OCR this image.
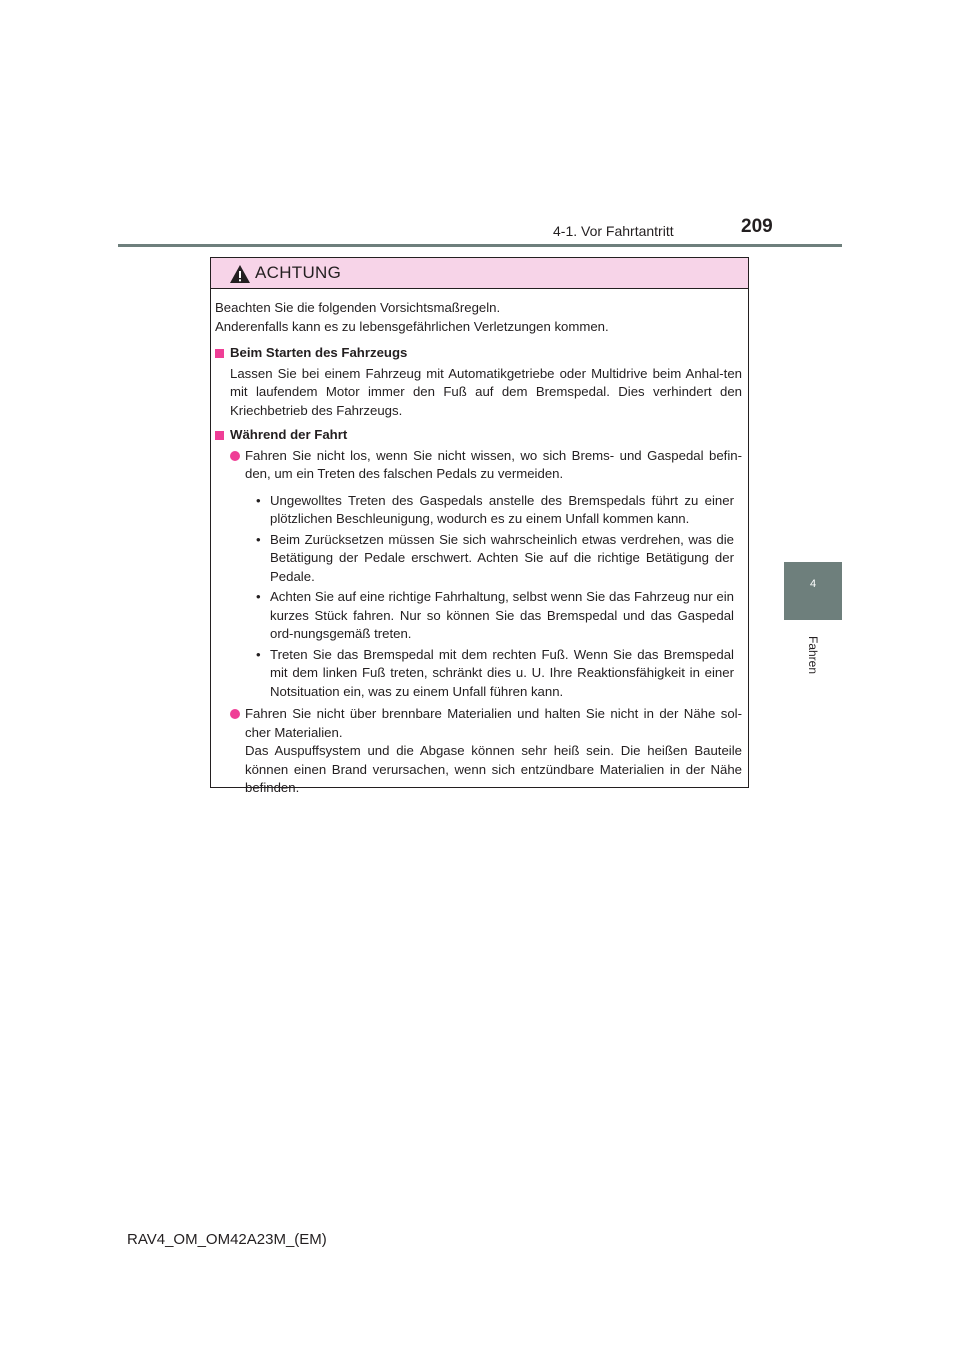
4-1. Vor Fahrtantritt	209
4
Fahren
ACHTUNG

Beachten Sie die folgenden Vorsichtsmaßregeln.

Anderenfalls kann es zu lebensgefährlichen Verletzungen kommen.

Beim Starten des Fahrzeugs

Lassen Sie bei einem Fahrzeug mit Automatikgetriebe oder Multidrive beim Anhal-ten mit laufendem Motor immer den Fuß auf dem Bremspedal. Dies verhindert den Kriechbetrieb des Fahrzeugs.

Während der Fahrt
Fahren Sie nicht los, wenn Sie nicht wissen, wo sich Brems- und Gaspedal befin-den, um ein Treten des falschen Pedals zu vermeiden.
• Ungewolltes Treten des Gaspedals anstelle des Bremspedals führt zu einer plötzlichen Beschleunigung, wodurch es zu einem Unfall kommen kann.
• Beim Zurücksetzen müssen Sie sich wahrscheinlich etwas verdrehen, was die Betätigung der Pedale erschwert. Achten Sie auf die richtige Betätigung der Pedale.
• Achten Sie auf eine richtige Fahrhaltung, selbst wenn Sie das Fahrzeug nur ein kurzes Stück fahren. Nur so können Sie das Bremspedal und das Gaspedal ord-nungsgemäß treten.
• Treten Sie das Bremspedal mit dem rechten Fuß. Wenn Sie das Bremspedal mit dem linken Fuß treten, schränkt dies u. U. Ihre Reaktionsfähigkeit in einer Notsituation ein, was zu einem Unfall führen kann.
Fahren Sie nicht über brennbare Materialien und halten Sie nicht in der Nähe sol-cher Materialien.
Das Auspuffsystem und die Abgase können sehr heiß sein. Die heißen Bauteile können einen Brand verursachen, wenn sich entzündbare Materialien in der Nähe befinden.
RAV4_OM_OM42A23M_(EM)
